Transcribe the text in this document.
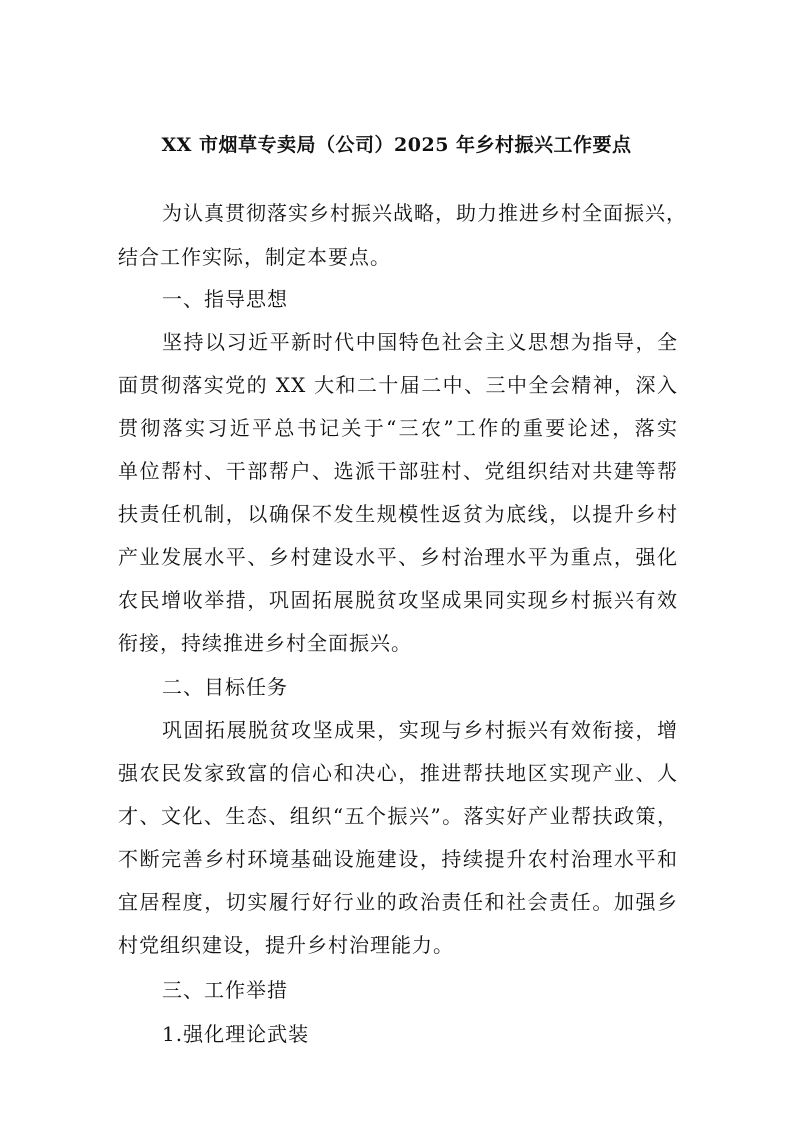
XX 市烟草专卖局（公司）2025 年乡村振兴工作要点
为认真贯彻落实乡村振兴战略，助力推进乡村全面振兴，
结合工作实际，制定本要点。
一、指导思想
坚持以习近平新时代中国特色社会主义思想为指导，全
面贯彻落实党的 XX 大和二十届二中、三中全会精神，深入
贯彻落实习近平总书记关于“三农”工作的重要论述，落实
单位帮村、干部帮户、选派干部驻村、党组织结对共建等帮
扶责任机制，以确保不发生规模性返贫为底线，以提升乡村
产业发展水平、乡村建设水平、乡村治理水平为重点，强化
农民增收举措，巩固拓展脱贫攻坚成果同实现乡村振兴有效
衔接，持续推进乡村全面振兴。
二、目标任务
巩固拓展脱贫攻坚成果，实现与乡村振兴有效衔接，增
强农民发家致富的信心和决心，推进帮扶地区实现产业、人
才、文化、生态、组织“五个振兴”。落实好产业帮扶政策，
不断完善乡村环境基础设施建设，持续提升农村治理水平和
宜居程度，切实履行好行业的政治责任和社会责任。加强乡
村党组织建设，提升乡村治理能力。
三、工作举措
1.强化理论武装
